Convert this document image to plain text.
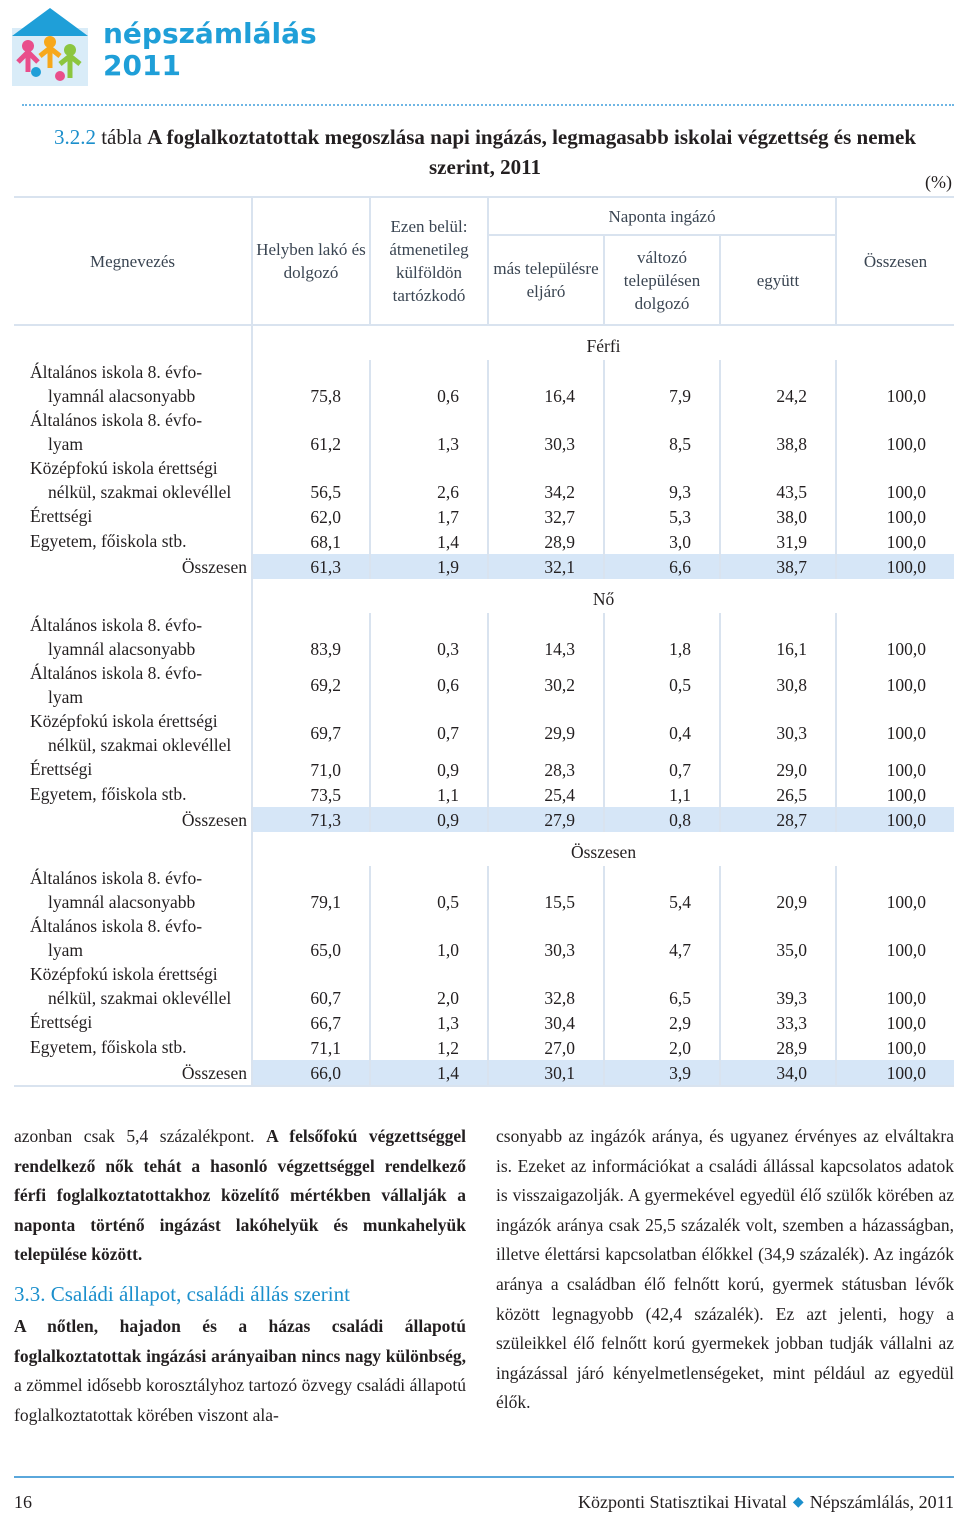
népszámlálás
2011
3.2.2 tábla A foglalkoztatottak megoszlása napi ingázás, legmagasabb iskolai végzettség és nemek szerint, 2011
(%)
Megnevezés	Helyben lakó és dolgozó	Ezen belül: átmenetileg külföldön tartózkodó	Naponta ingázó			Összesen
			más településre eljáró	változó településen dolgozó	együtt	
	Férfi					

Általános iskola 8. évfo-
lyamnál alacsonyabb	75,8	0,6	16,4	7,9	24,2	100,0

Általános iskola 8. évfo-
lyam	61,2	1,3	30,3	8,5	38,8	100,0

Középfokú iskola érettségi
nélkül, szakmai oklevéllel	56,5	2,6	34,2	9,3	43,5	100,0

Érettségi	62,0	1,7	32,7	5,3	38,0	100,0

Egyetem, főiskola stb.	68,1	1,4	28,9	3,0	31,9	100,0

Összesen	61,3	1,9	32,1	6,6	38,7	100,0
	Nő					

Általános iskola 8. évfo-
lyamnál alacsonyabb	83,9	0,3	14,3	1,8	16,1	100,0

Általános iskola 8. évfo-
lyam	69,2	0,6	30,2	0,5	30,8	100,0

Középfokú iskola érettségi
nélkül, szakmai oklevéllel	69,7	0,7	29,9	0,4	30,3	100,0

Érettségi	71,0	0,9	28,3	0,7	29,0	100,0

Egyetem, főiskola stb.	73,5	1,1	25,4	1,1	26,5	100,0

Összesen	71,3	0,9	27,9	0,8	28,7	100,0
	Összesen					

Általános iskola 8. évfo-
lyamnál alacsonyabb	79,1	0,5	15,5	5,4	20,9	100,0

Általános iskola 8. évfo-
lyam	65,0	1,0	30,3	4,7	35,0	100,0

Középfokú iskola érettségi
nélkül, szakmai oklevéllel	60,7	2,0	32,8	6,5	39,3	100,0

Érettségi	66,7	1,3	30,4	2,9	33,3	100,0

Egyetem, főiskola stb.	71,1	1,2	27,0	2,0	28,9	100,0

Összesen	66,0	1,4	30,1	3,9	34,0	100,0

azonban csak 5,4 százalékpont. A felsőfokú végzettséggel rendelkező nők tehát a hasonló végzettséggel rendelkező férfi foglalkoztatottakhoz közelítő mértékben vállalják a naponta történő ingázást lakóhelyük és munkahelyük települése között.

3.3. Családi állapot, családi állás szerint

A nőtlen, hajadon és a házas családi állapotú foglalkoztatottak ingázási arányaiban nincs nagy különbség, a zömmel idősebb korosztályhoz tartozó özvegy családi állapotú foglalkoztatottak körében viszont ala-

csonyabb az ingázók aránya, és ugyanez érvényes az elváltakra is. Ezeket az információkat a családi állással kapcsolatos adatok is visszaigazolják. A gyermekével egyedül élő szülők körében az ingázók aránya csak 25,5 százalék volt, szemben a házasságban, illetve élettársi kapcsolatban élőkkel (34,9 százalék). Az ingázók aránya a családban élő felnőtt korú, gyermek státusban lévők között legnagyobb (42,4 százalék). Ez azt jelenti, hogy a szüleikkel élő felnőtt korú gyermekek jobban tudják vállalni az ingázással járó kényelmetlenségeket, mint például az egyedül élők.

16	Központi Statisztikai Hivatal ◆ Népszámlálás, 2011
